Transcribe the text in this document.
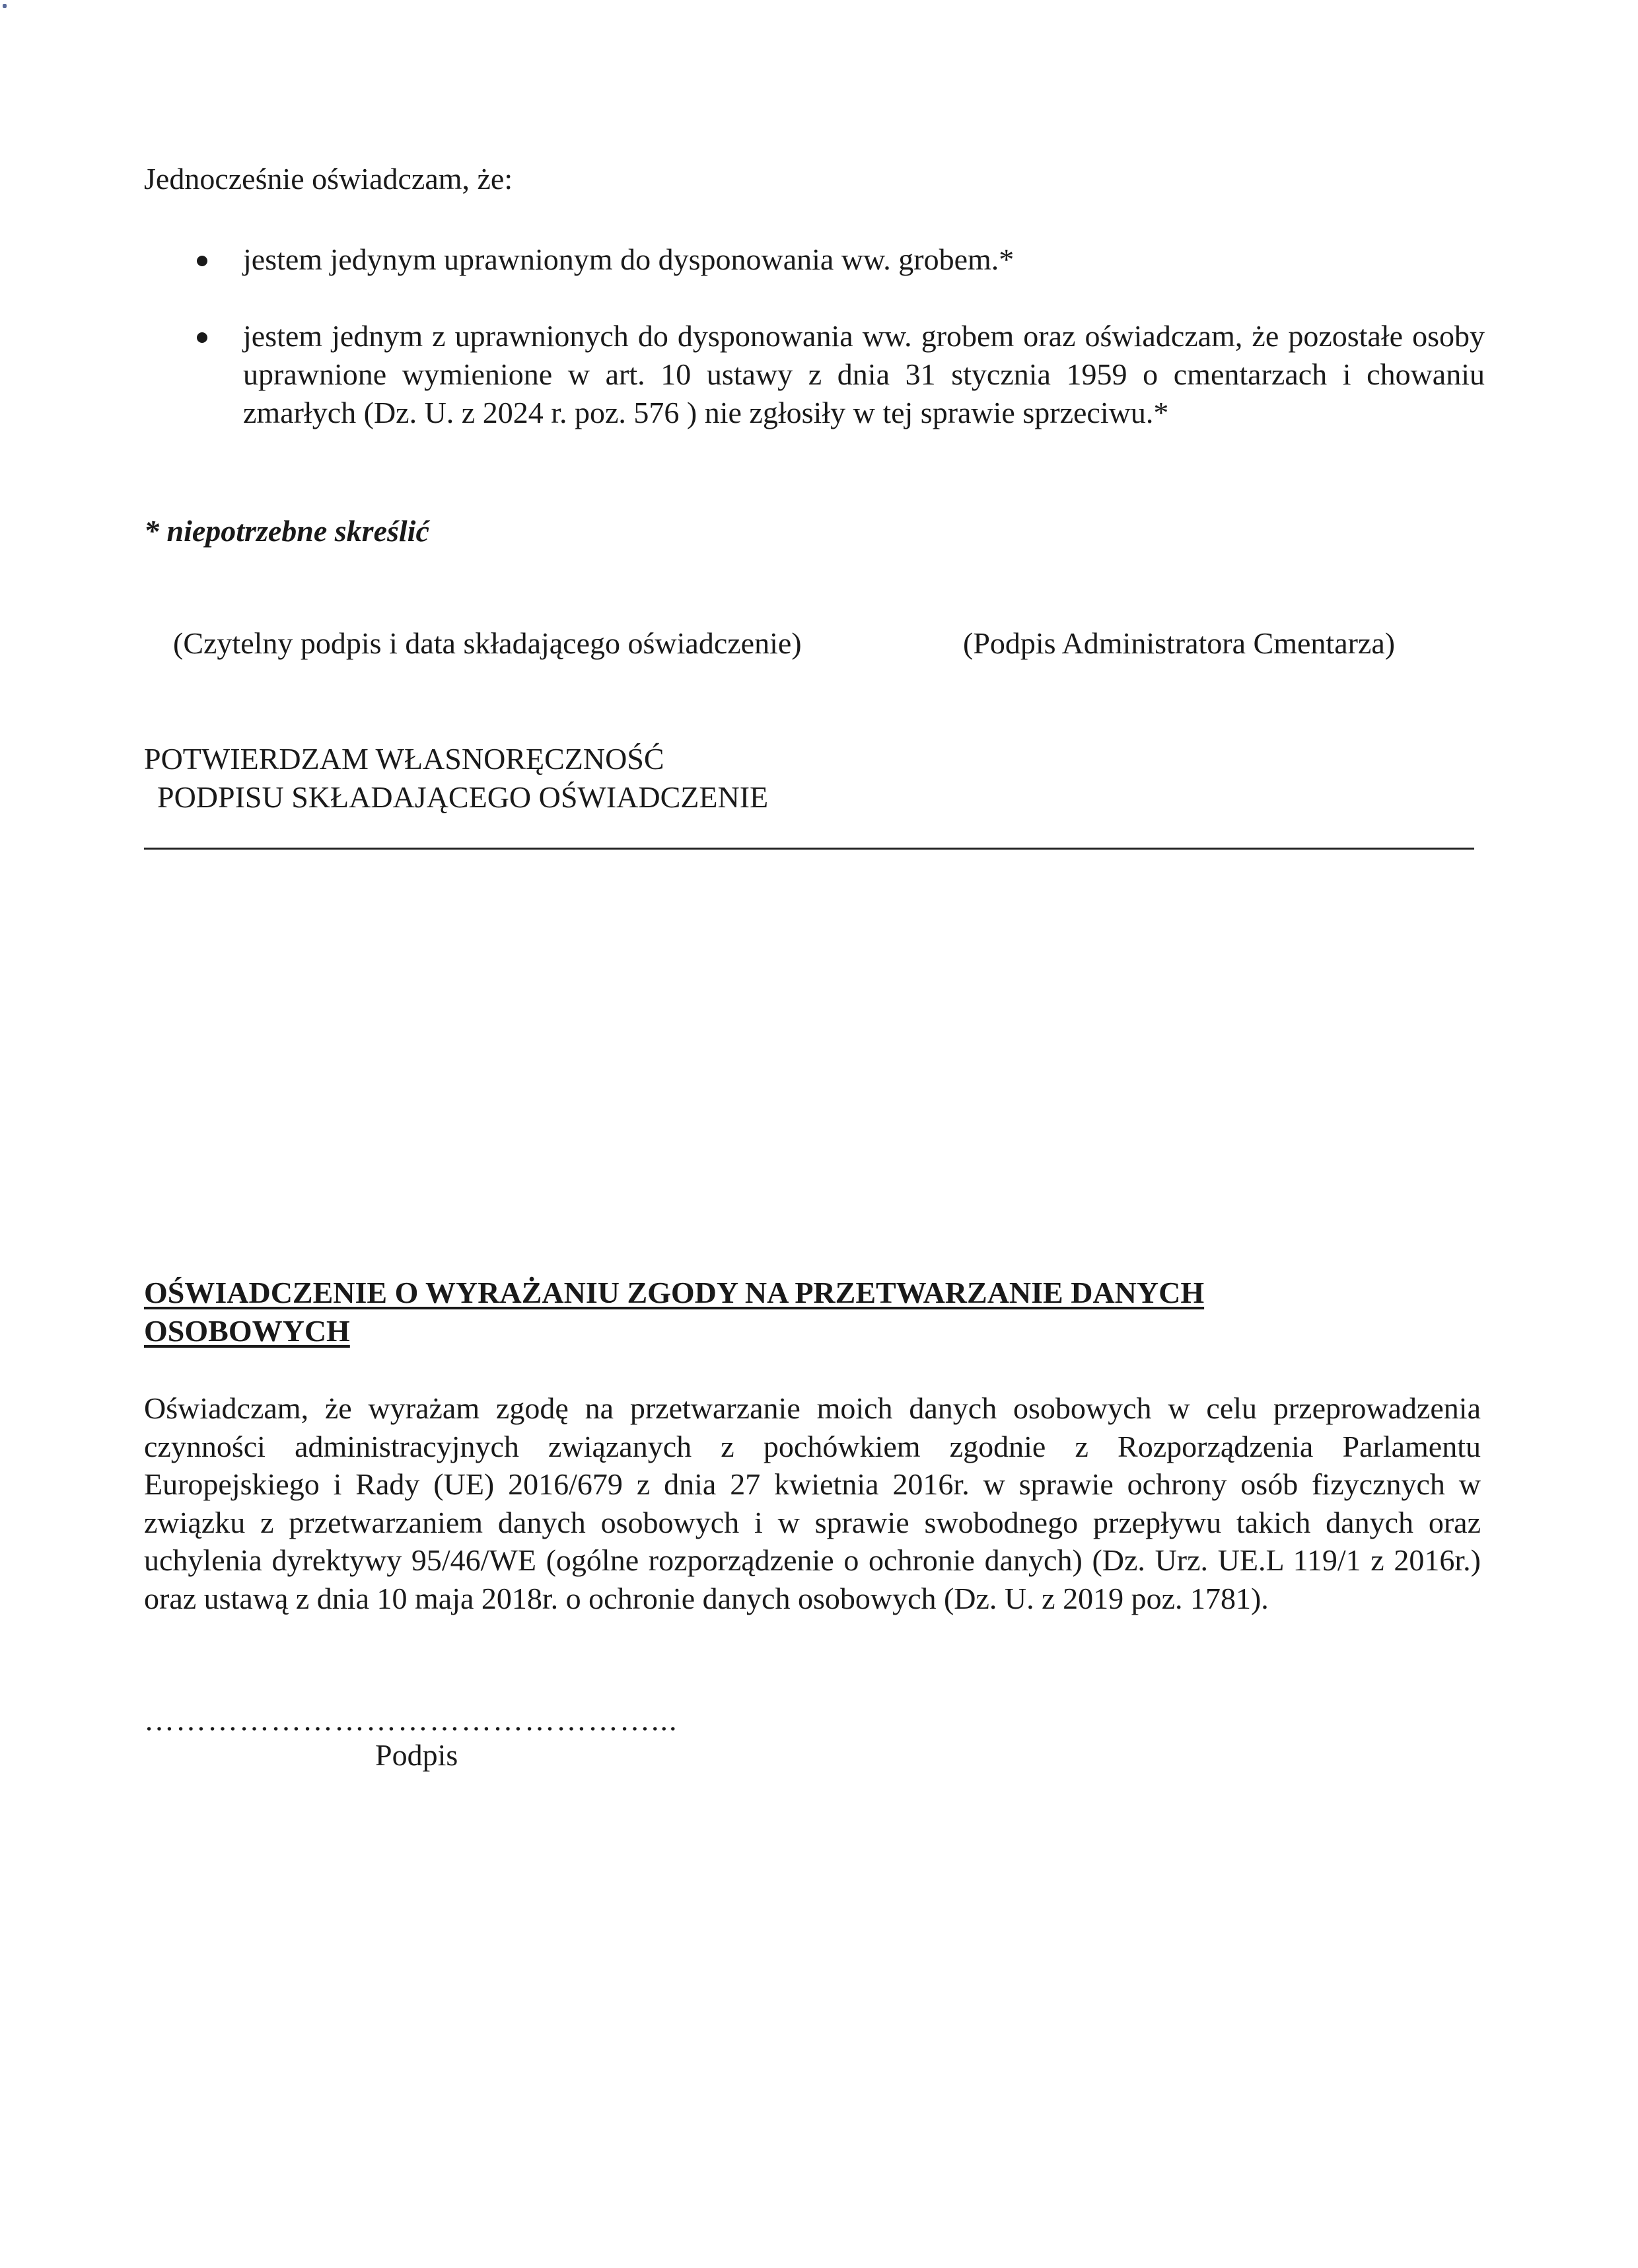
Jednocześnie oświadczam, że:
jestem jedynym uprawnionym do dysponowania ww. grobem.*
jestem jednym z uprawnionych do dysponowania ww. grobem oraz oświadczam, że pozostałe osoby uprawnione wymienione w art. 10 ustawy z dnia 31 stycznia 1959 o cmentarzach i chowaniu zmarłych (Dz. U. z 2024 r. poz. 576 ) nie zgłosiły w tej sprawie sprzeciwu.*
* niepotrzebne skreślić
(Czytelny podpis i data składającego oświadczenie)	(Podpis Administratora Cmentarza)
POTWIERDZAM WŁASNORĘCZNOŚĆ
PODPISU SKŁADAJĄCEGO OŚWIADCZENIE
OŚWIADCZENIE O WYRAŻANIU ZGODY NA PRZETWARZANIE DANYCH OSOBOWYCH
Oświadczam, że wyrażam zgodę na przetwarzanie moich danych osobowych w celu przeprowadzenia czynności administracyjnych związanych z pochówkiem zgodnie z Rozporządzenia Parlamentu Europejskiego i Rady (UE) 2016/679 z dnia 27 kwietnia 2016r. w sprawie ochrony osób fizycznych w związku z przetwarzaniem danych osobowych i w sprawie swobodnego przepływu takich danych oraz uchylenia dyrektywy 95/46/WE (ogólne rozporządzenie o ochronie danych) (Dz. Urz. UE.L 119/1 z 2016r.) oraz ustawą z dnia 10 maja 2018r. o ochronie danych osobowych (Dz. U. z 2019 poz. 1781).
…………………………………………...
Podpis
